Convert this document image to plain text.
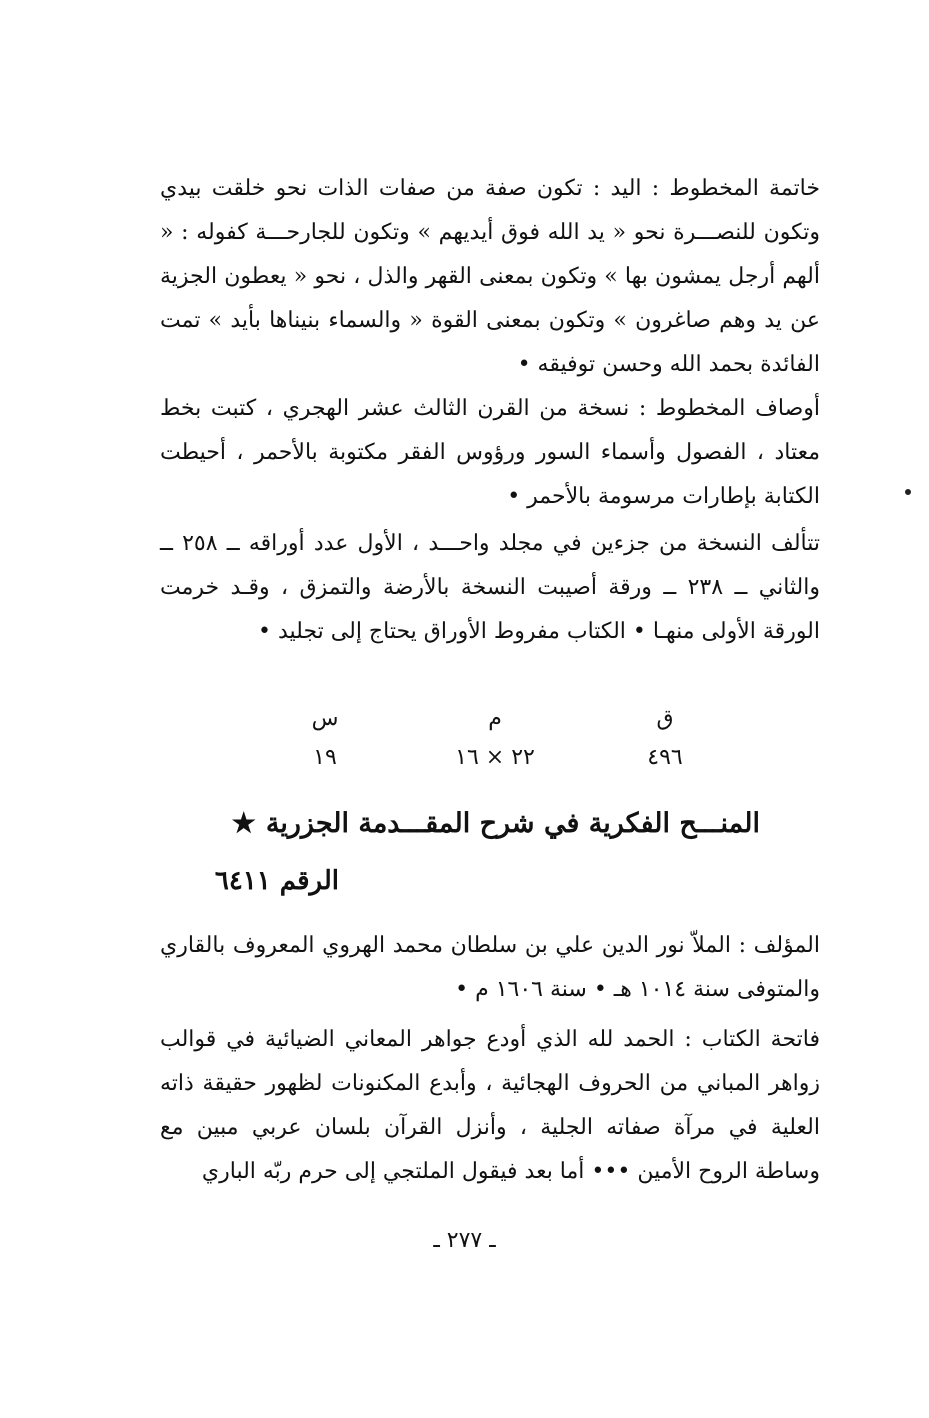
خاتمة المخطوط : اليد : تكون صفة من صفات الذات نحو خلقت بيدي وتكون للنصـــرة نحو « يد الله فوق أيديهم » وتكون للجارحـــة كفوله : « ألهم أرجل يمشون بها » وتكون بمعنى القهر والذل ، نحو « يعطون الجزية عن يد وهم صاغرون » وتكون بمعنى القوة « والسماء بنيناها بأيد » تمت الفائدة بحمد الله وحسن توفيقه •

أوصاف المخطوط : نسخة من القرن الثالث عشر الهجري ، كتبت بخط معتاد ، الفصول وأسماء السور ورؤوس الفقر مكتوبة بالأحمر ، أحيطت الكتابة بإطارات مرسومة بالأحمر •

تتألف النسخة من جزءين في مجلد واحـــد ، الأول عدد أوراقه ــ ٢٥٨ ــ والثاني ــ ٢٣٨ ــ ورقة أصيبت النسخة بالأرضة والتمزق ، وقـد خرمت الورقة الأولى منهـا • الكتاب مفروط الأوراق يحتاج إلى تجليد •

ق
م
س
٤٩٦
٢٢ × ١٦
١٩
المنـــح الفكرية في شرح المقـــدمة الجزرية★
الرقم ٦٤١١

المؤلف : الملاّ نور الدين علي بن سلطان محمد الهروي المعروف بالقاري والمتوفى سنة ١٠١٤ هـ • سنة ١٦٠٦ م •

فاتحة الكتاب : الحمد لله الذي أودع جواهر المعاني الضيائية في قوالب زواهر المباني من الحروف الهجائية ، وأبدع المكنونات لظهور حقيقة ذاته العلية في مرآة صفاته الجلية ، وأنزل القرآن بلسان عربي مبين مع وساطة الروح الأمين ••• أما بعد فيقول الملتجي إلى حرم ربّه الباري

ـ ٢٧٧ ـ
